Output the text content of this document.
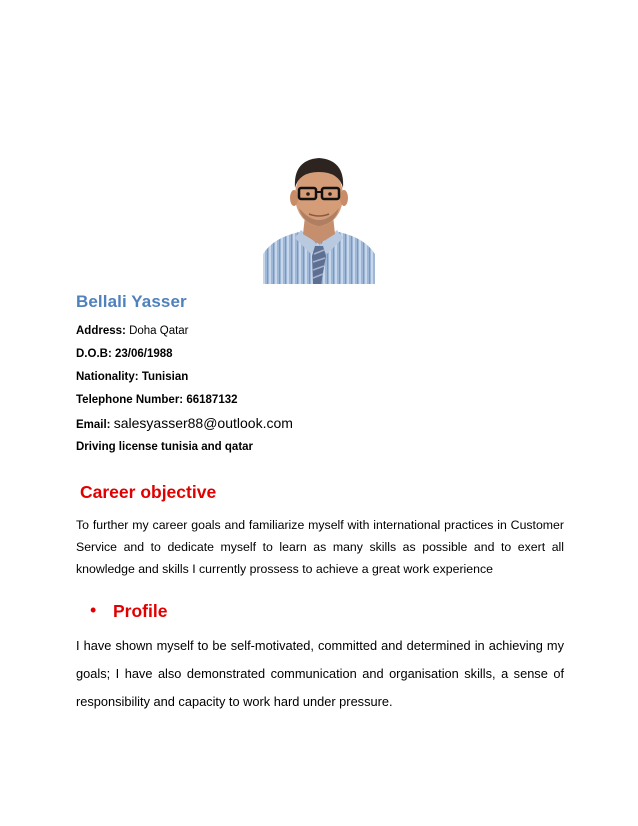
Bellali Yasser
Address: Doha Qatar
D.O.B: 23/06/1988
Nationality: Tunisian
Telephone Number: 66187132
Email: salesyasser88@outlook.com
Driving license tunisia and qatar
Career objective
To further my career goals and familiarize myself with international practices in Customer Service and to dedicate myself to learn as many skills as possible and to exert all knowledge and skills I currently prossess to achieve a great work experience
• Profile
I have shown myself to be self-motivated, committed and determined in achieving my goals; I have also demonstrated communication and organisation skills, a sense of responsibility and capacity to work hard under pressure.
